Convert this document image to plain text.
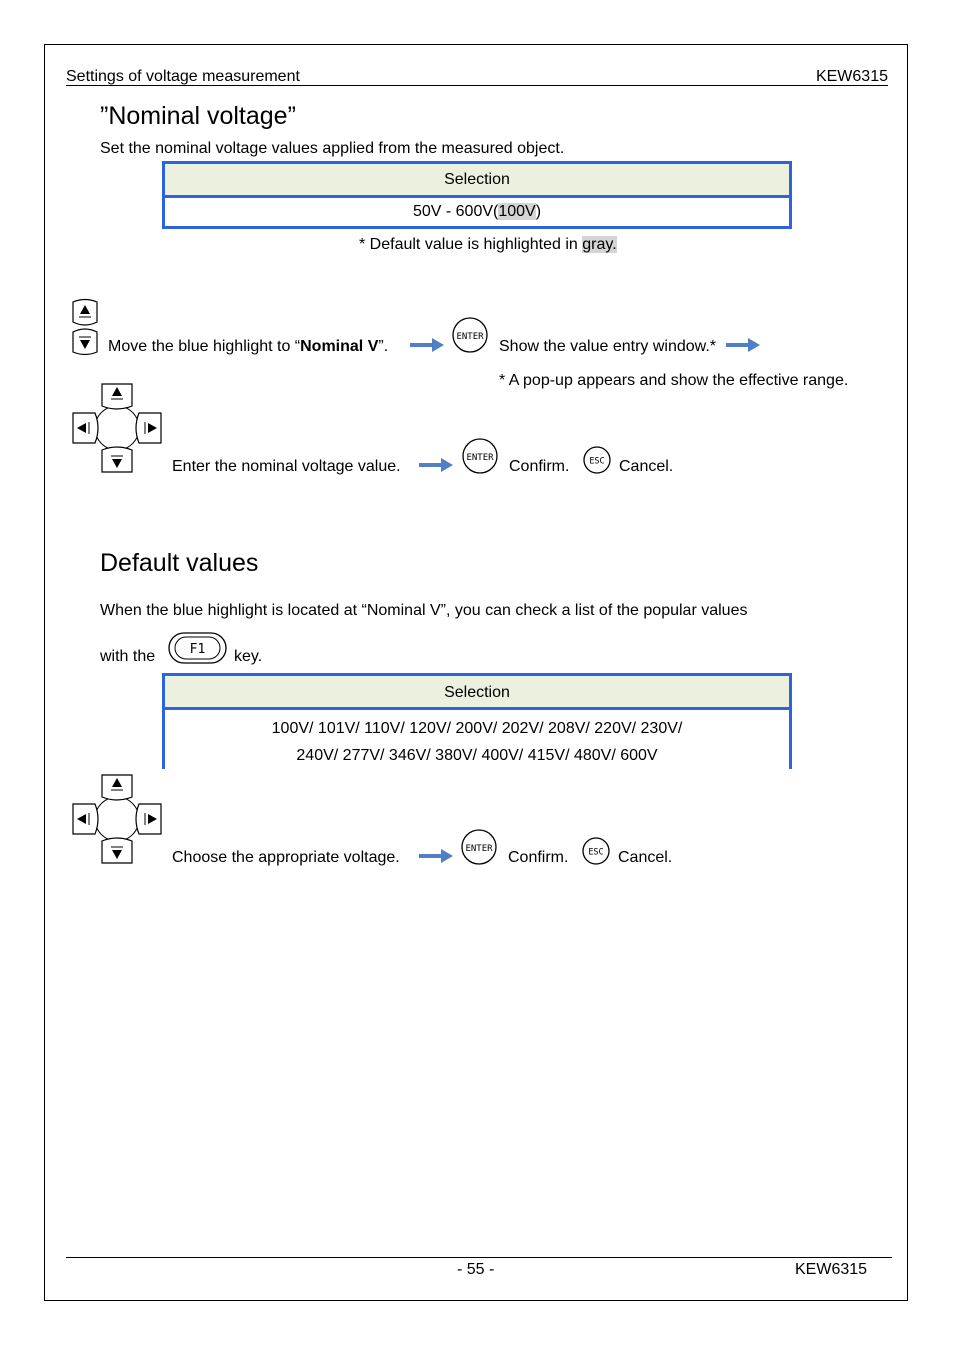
Settings of voltage measurement	KEW6315
”Nominal voltage”
Set the nominal voltage values applied from the measured object.
Selection
50V - 600V(100V)
* Default value is highlighted in gray.
Move the blue highlight to “Nominal V”.
ENTER
Show the value entry window.*
* A pop-up appears and show the effective range.
Enter the nominal voltage value.	ENTER Confirm. ESC Cancel.
Default values
When the blue highlight is located at “Nominal V”, you can check a list of the popular values
with the	F1 key.
Selection
100V/ 101V/ 110V/ 120V/ 200V/ 202V/ 208V/ 220V/ 230V/
240V/ 277V/ 346V/ 380V/ 400V/ 415V/ 480V/ 600V
Choose the appropriate voltage.	ENTER Confirm. ESC Cancel.
- 55 -	KEW6315
